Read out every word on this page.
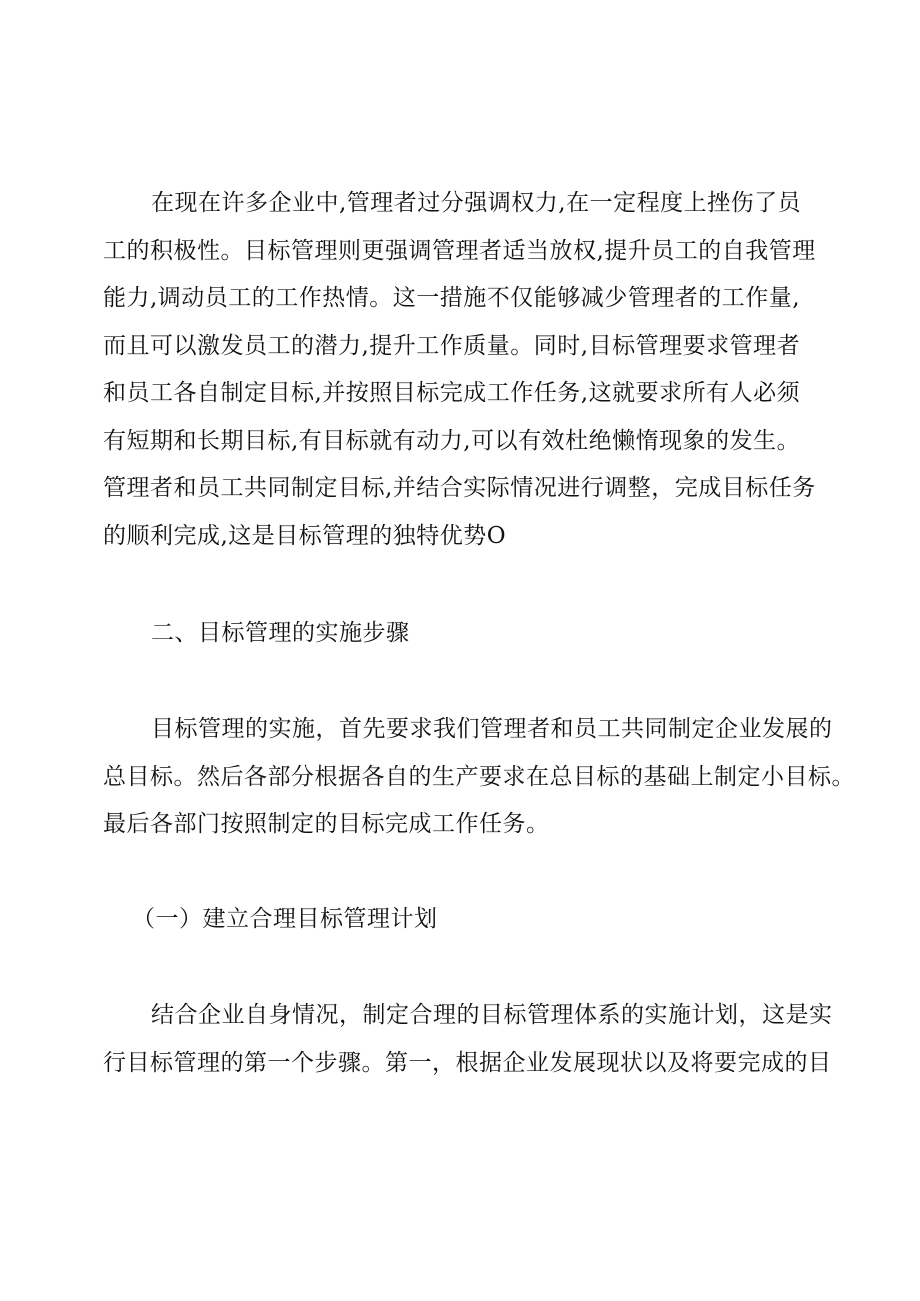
在现在许多企业中,管理者过分强调权力,在一定程度上挫伤了员
工的积极性。目标管理则更强调管理者适当放权,提升员工的自我管理
能力,调动员工的工作热情。这一措施不仅能够减少管理者的工作量,
而且可以激发员工的潜力,提升工作质量。同时,目标管理要求管理者
和员工各自制定目标,并按照目标完成工作任务,这就要求所有人必须
有短期和长期目标,有目标就有动力,可以有效杜绝懒惰现象的发生。
管理者和员工共同制定目标,并结合实际情况进行调整，完成目标任务
的顺利完成,这是目标管理的独特优势O
二、目标管理的实施步骤
目标管理的实施，首先要求我们管理者和员工共同制定企业发展的
总目标。然后各部分根据各自的生产要求在总目标的基础上制定小目标。
最后各部门按照制定的目标完成工作任务。
（一）建立合理目标管理计划
结合企业自身情况，制定合理的目标管理体系的实施计划，这是实
行目标管理的第一个步骤。第一，根据企业发展现状以及将要完成的目
